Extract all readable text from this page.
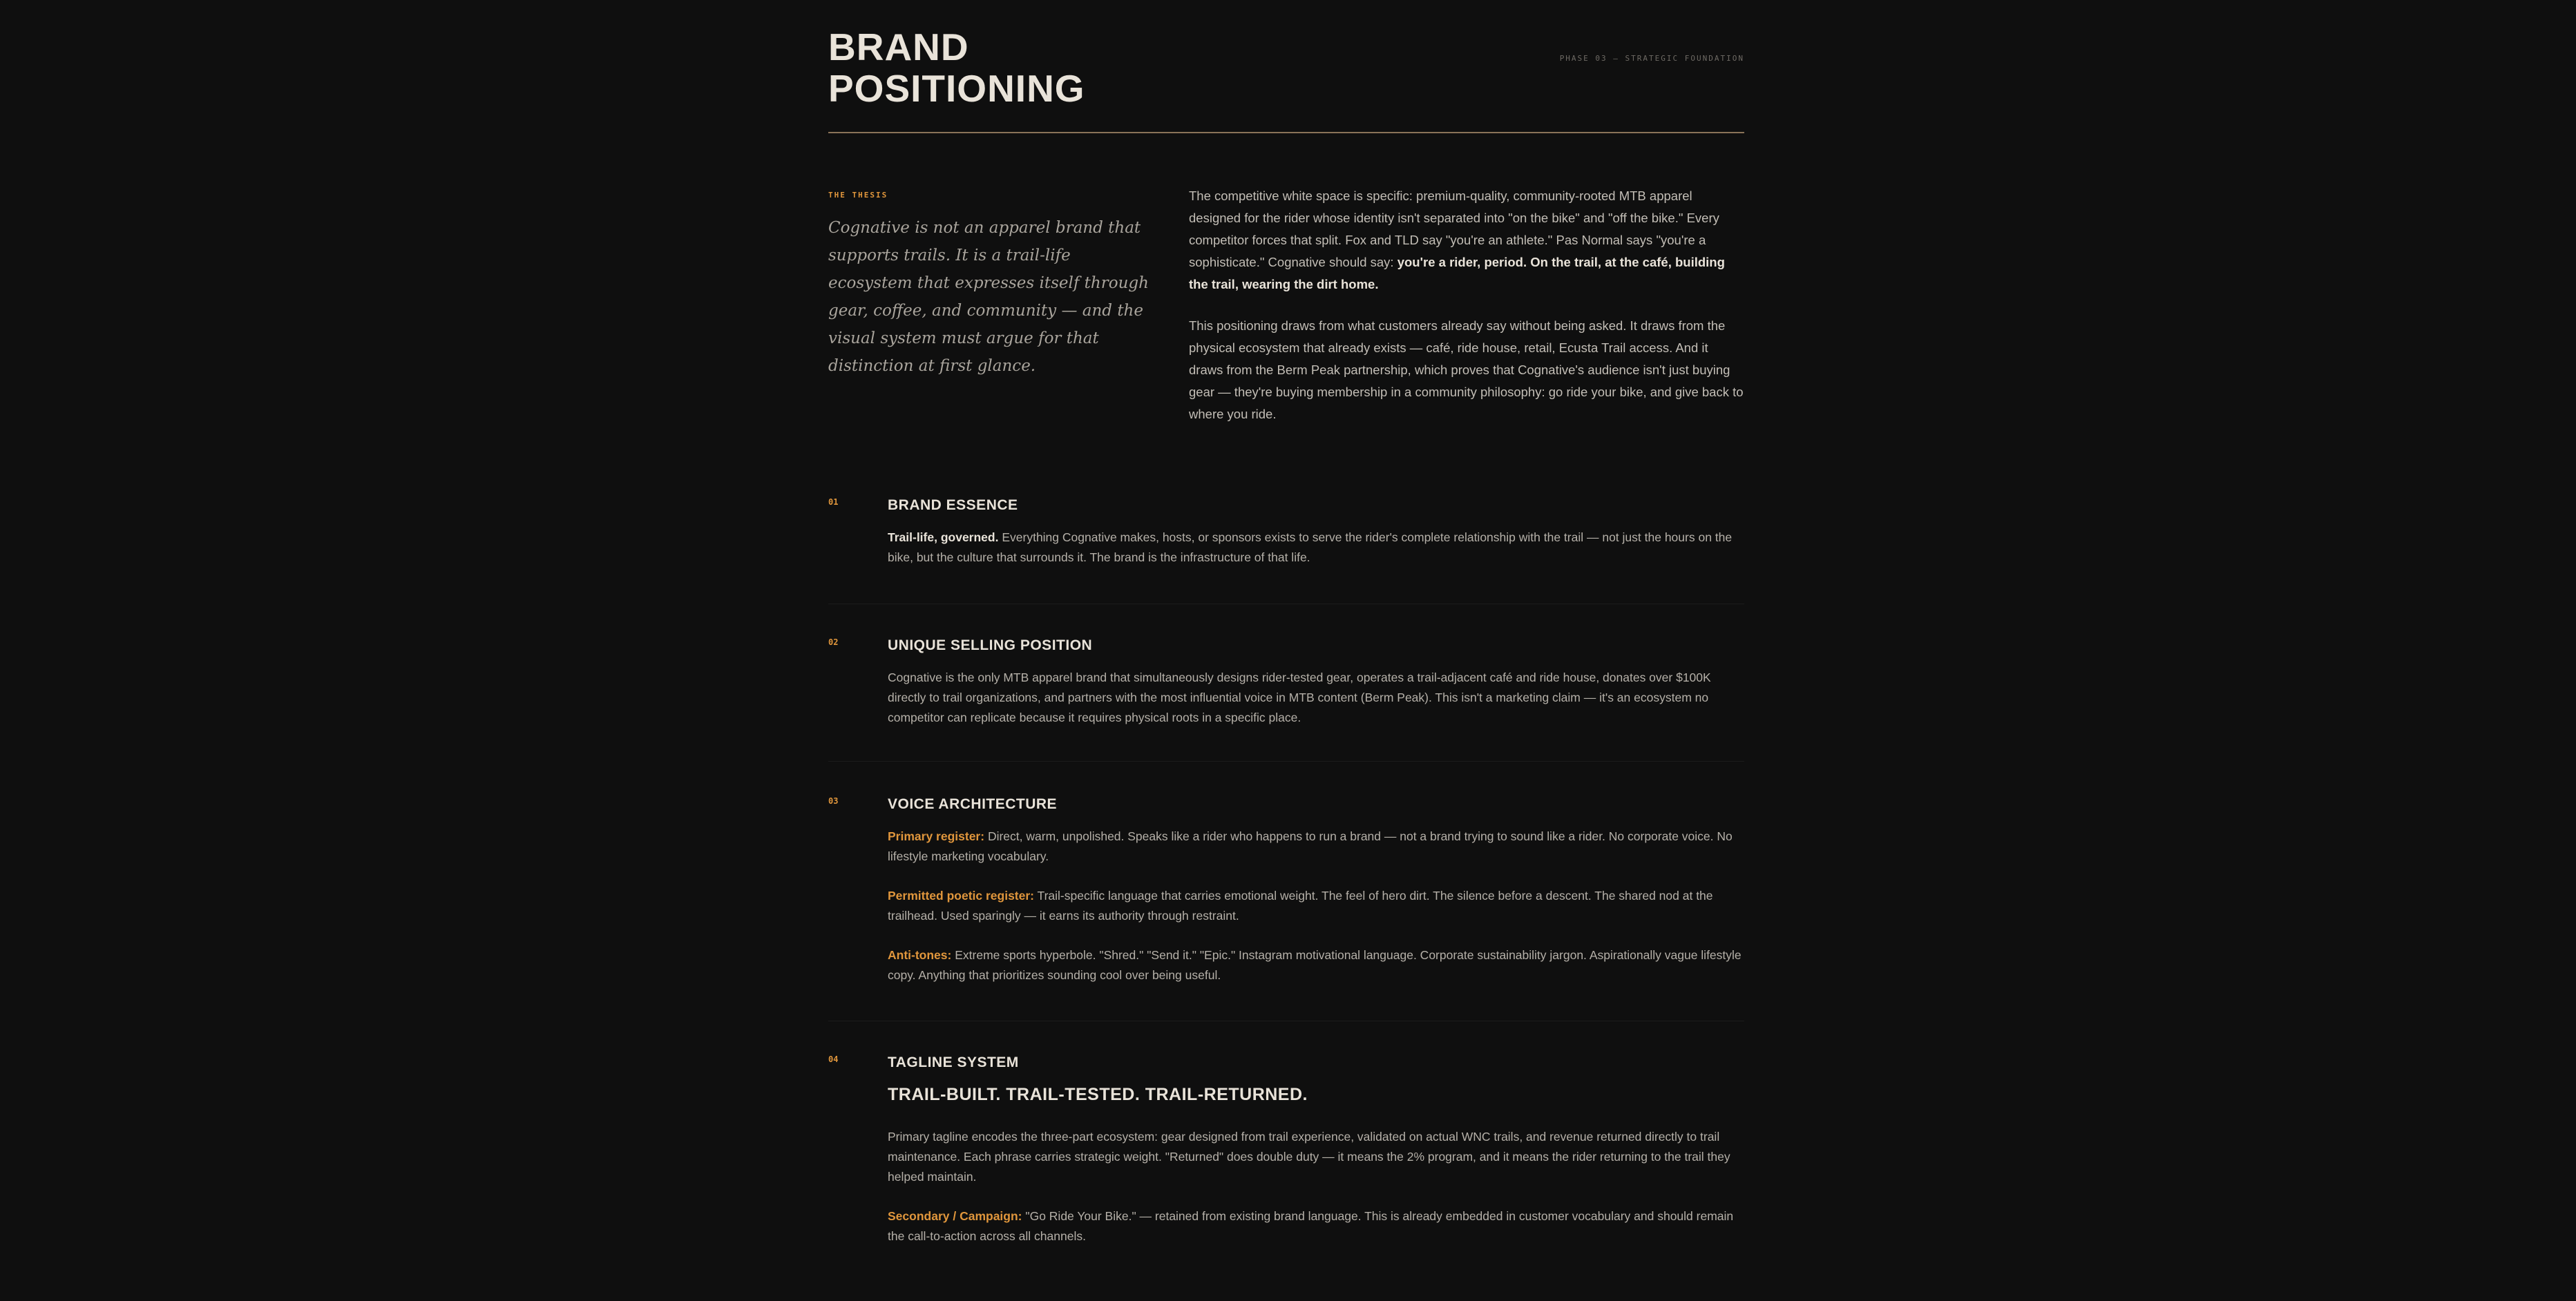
BRAND
POSITIONING
PHASE 03 — STRATEGIC FOUNDATION
THE THESIS

Cognative is not an apparel brand that supports trails. It is a trail-life ecosystem that expresses itself through gear, coffee, and community — and the visual system must argue for that distinction at first glance.

The competitive white space is specific: premium-quality, community-rooted MTB apparel designed for the rider whose identity isn't separated into "on the bike" and "off the bike." Every competitor forces that split. Fox and TLD say "you're an athlete." Pas Normal says "you're a sophisticate." Cognative should say: you're a rider, period. On the trail, at the café, building the trail, wearing the dirt home.

This positioning draws from what customers already say without being asked. It draws from the physical ecosystem that already exists — café, ride house, retail, Ecusta Trail access. And it draws from the Berm Peak partnership, which proves that Cognative's audience isn't just buying gear — they're buying membership in a community philosophy: go ride your bike, and give back to where you ride.

01	BRAND ESSENCE

Trail-life, governed. Everything Cognative makes, hosts, or sponsors exists to serve the rider's complete relationship with the trail — not just the hours on the bike, but the culture that surrounds it. The brand is the infrastructure of that life.

02	UNIQUE SELLING POSITION

Cognative is the only MTB apparel brand that simultaneously designs rider-tested gear, operates a trail-adjacent café and ride house, donates over $100K directly to trail organizations, and partners with the most influential voice in MTB content (Berm Peak). This isn't a marketing claim — it's an ecosystem no competitor can replicate because it requires physical roots in a specific place.

03	VOICE ARCHITECTURE

Primary register: Direct, warm, unpolished. Speaks like a rider who happens to run a brand — not a brand trying to sound like a rider. No corporate voice. No lifestyle marketing vocabulary.

Permitted poetic register: Trail-specific language that carries emotional weight. The feel of hero dirt. The silence before a descent. The shared nod at the trailhead. Used sparingly — it earns its authority through restraint.

Anti-tones: Extreme sports hyperbole. "Shred." "Send it." "Epic." Instagram motivational language. Corporate sustainability jargon. Aspirationally vague lifestyle copy. Anything that prioritizes sounding cool over being useful.

04	TAGLINE SYSTEM
TRAIL-BUILT. TRAIL-TESTED. TRAIL-RETURNED.

Primary tagline encodes the three-part ecosystem: gear designed from trail experience, validated on actual WNC trails, and revenue returned directly to trail maintenance. Each phrase carries strategic weight. "Returned" does double duty — it means the 2% program, and it means the rider returning to the trail they helped maintain.

Secondary / Campaign: "Go Ride Your Bike." — retained from existing brand language. This is already embedded in customer vocabulary and should remain the call-to-action across all channels.
